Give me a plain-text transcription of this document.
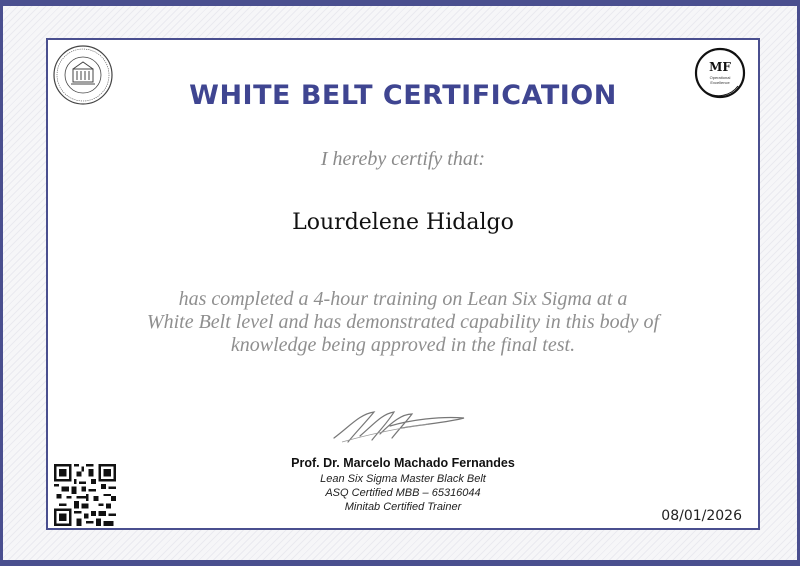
MF
Operational
Excellence
WHITE BELT CERTIFICATION
I hereby certify that:
Lourdelene Hidalgo
has completed a 4-hour training on Lean Six Sigma at a
White Belt level and has demonstrated capability in this body of
knowledge being approved in the final test.
Prof. Dr. Marcelo Machado Fernandes
Lean Six Sigma Master Black Belt
ASQ Certified MBB – 65316044
Minitab Certified Trainer
08/01/2026
